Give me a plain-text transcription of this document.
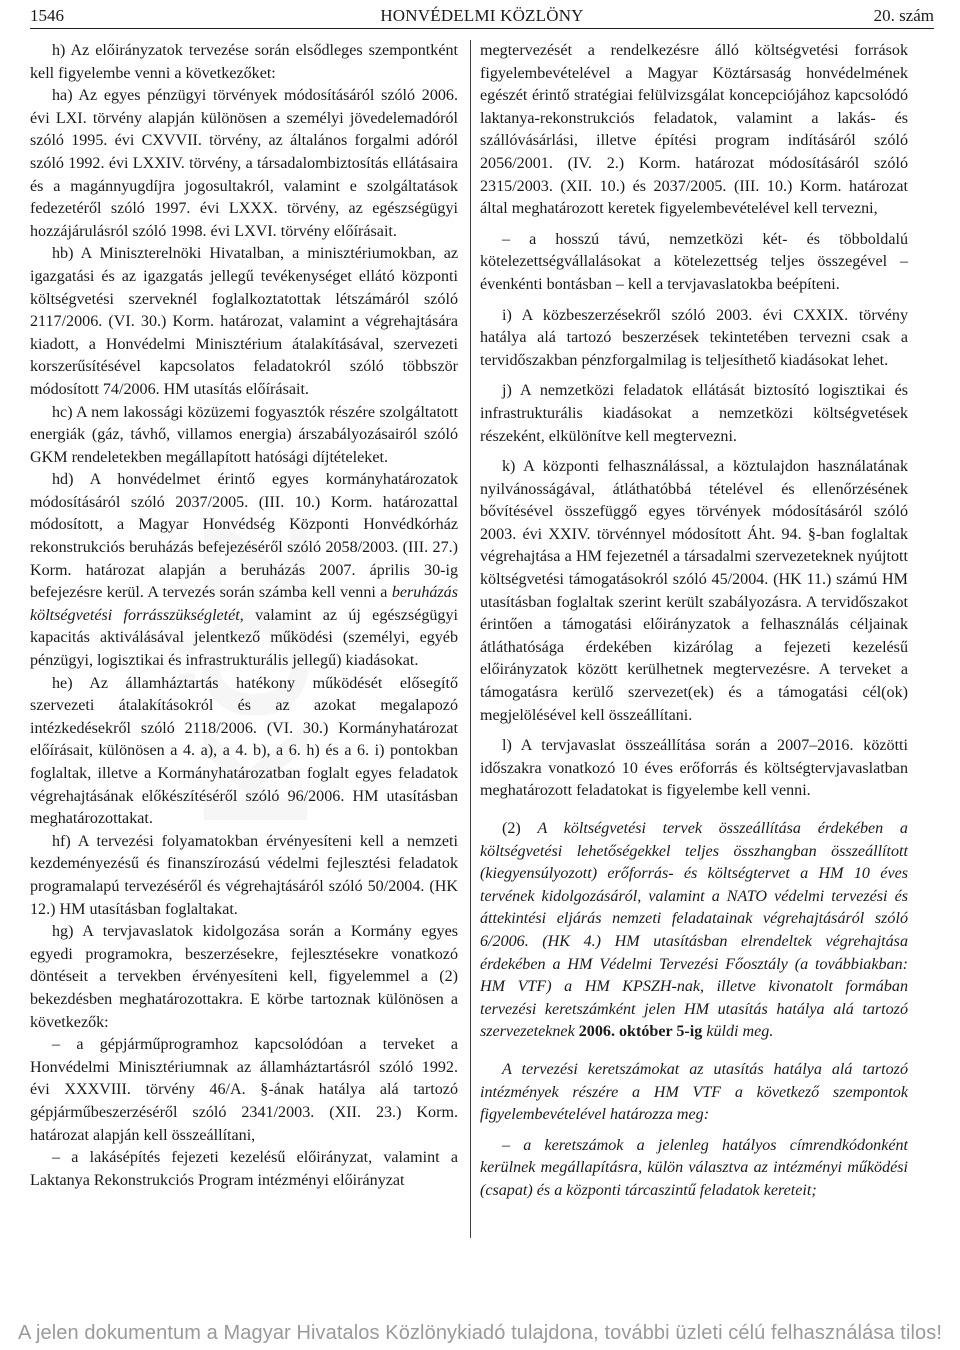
1546	HONVÉDELMI KÖZLÖNY	20. szám

h) Az előirányzatok tervezése során elsődleges szempontként kell figyelembe venni a következőket:

ha) Az egyes pénzügyi törvények módosításáról szóló 2006. évi LXI. törvény alapján különösen a személyi jövedelemadóról szóló 1995. évi CXVVII. törvény, az általános forgalmi adóról szóló 1992. évi LXXIV. törvény, a társadalombiztosítás ellátásaira és a magánnyugdíjra jogosultakról, valamint e szolgáltatások fedezetéről szóló 1997. évi LXXX. törvény, az egészségügyi hozzájárulásról szóló 1998. évi LXVI. törvény előírásait.

hb) A Miniszterelnöki Hivatalban, a minisztériumokban, az igazgatási és az igazgatás jellegű tevékenységet ellátó központi költségvetési szerveknél foglalkoztatottak létszámáról szóló 2117/2006. (VI. 30.) Korm. határozat, valamint a végrehajtására kiadott, a Honvédelmi Minisztérium átalakításával, szervezeti korszerűsítésével kapcsolatos feladatokról szóló többször módosított 74/2006. HM utasítás előírásait.

hc) A nem lakossági közüzemi fogyasztók részére szolgáltatott energiák (gáz, távhő, villamos energia) árszabályozásairól szóló GKM rendeletekben megállapított hatósági díjtételeket.

hd) A honvédelmet érintő egyes kormányhatározatok módosításáról szóló 2037/2005. (III. 10.) Korm. határozattal módosított, a Magyar Honvédség Központi Honvédkórház rekonstrukciós beruházás befejezéséről szóló 2058/2003. (III. 27.) Korm. határozat alapján a beruházás 2007. április 30-ig befejezésre kerül. A tervezés során számba kell venni a beruházás költségvetési forrásszükségletét, valamint az új egészségügyi kapacitás aktiválásával jelentkező működési (személyi, egyéb pénzügyi, logisztikai és infrastrukturális jellegű) kiadásokat.

he) Az államháztartás hatékony működését elősegítő szervezeti átalakításokról és az azokat megalapozó intézkedésekről szóló 2118/2006. (VI. 30.) Kormányhatározat előírásait, különösen a 4. a), a 4. b), a 6. h) és a 6. i) pontokban foglaltak, illetve a Kormányhatározatban foglalt egyes feladatok végrehajtásának előkészítéséről szóló 96/2006. HM utasításban meghatározottakat.

hf) A tervezési folyamatokban érvényesíteni kell a nemzeti kezdeményezésű és finanszírozású védelmi fejlesztési feladatok programalapú tervezéséről és végrehajtásáról szóló 50/2004. (HK 12.) HM utasításban foglaltakat.

hg) A tervjavaslatok kidolgozása során a Kormány egyes egyedi programokra, beszerzésekre, fejlesztésekre vonatkozó döntéseit a tervekben érvényesíteni kell, figyelemmel a (2) bekezdésben meghatározottakra. E körbe tartoznak különösen a következők:

– a gépjárműprogramhoz kapcsolódóan a terveket a Honvédelmi Minisztériumnak az államháztartásról szóló 1992. évi XXXVIII. törvény 46/A. §-ának hatálya alá tartozó gépjárműbeszerzéséről szóló 2341/2003. (XII. 23.) Korm. határozat alapján kell összeállítani,

– a lakásépítés fejezeti kezelésű előirányzat, valamint a Laktanya Rekonstrukciós Program intézményi előirányzat

megtervezését a rendelkezésre álló költségvetési források figyelembevételével a Magyar Köztársaság honvédelmének egészét érintő stratégiai felülvizsgálat koncepciójához kapcsolódó laktanya-rekonstrukciós feladatok, valamint a lakás- és szállóvásárlási, illetve építési program indításáról szóló 2056/2001. (IV. 2.) Korm. határozat módosításáról szóló 2315/2003. (XII. 10.) és 2037/2005. (III. 10.) Korm. határozat által meghatározott keretek figyelembevételével kell tervezni,

– a hosszú távú, nemzetközi két- és többoldalú kötelezettségvállalásokat a kötelezettség teljes összegével – évenkénti bontásban – kell a tervjavaslatokba beépíteni.

i) A közbeszerzésekről szóló 2003. évi CXXIX. törvény hatálya alá tartozó beszerzések tekintetében tervezni csak a tervidőszakban pénzforgalmilag is teljesíthető kiadásokat lehet.

j) A nemzetközi feladatok ellátását biztosító logisztikai és infrastrukturális kiadásokat a nemzetközi költségvetések részeként, elkülönítve kell megtervezni.

k) A központi felhasználással, a köztulajdon használatának nyilvánosságával, átláthatóbbá tételével és ellenőrzésének bővítésével összefüggő egyes törvények módosításáról szóló 2003. évi XXIV. törvénnyel módosított Áht. 94. §-ban foglaltak végrehajtása a HM fejezetnél a társadalmi szervezeteknek nyújtott költségvetési támogatásokról szóló 45/2004. (HK 11.) számú HM utasításban foglaltak szerint került szabályozásra. A tervidőszakot érintően a támogatási előirányzatok a felhasználás céljainak átláthatósága érdekében kizárólag a fejezeti kezelésű előirányzatok között kerülhetnek megtervezésre. A terveket a támogatásra kerülő szervezet(ek) és a támogatási cél(ok) megjelölésével kell összeállítani.

l) A tervjavaslat összeállítása során a 2007–2016. közötti időszakra vonatkozó 10 éves erőforrás és költségtervjavaslatban meghatározott feladatokat is figyelembe kell venni.

(2) A költségvetési tervek összeállítása érdekében a költségvetési lehetőségekkel teljes összhangban összeállított (kiegyensúlyozott) erőforrás- és költségtervet a HM 10 éves tervének kidolgozásáról, valamint a NATO védelmi tervezési és áttekintési eljárás nemzeti feladatainak végrehajtásáról szóló 6/2006. (HK 4.) HM utasításban elrendeltek végrehajtása érdekében a HM Védelmi Tervezési Főosztály (a továbbiakban: HM VTF) a HM KPSZH-nak, illetve kivonatolt formában tervezési keretszámként jelen HM utasítás hatálya alá tartozó szervezeteknek 2006. október 5-ig küldi meg.

A tervezési keretszámokat az utasítás hatálya alá tartozó intézmények részére a HM VTF a következő szempontok figyelembevételével határozza meg:

– a keretszámok a jelenleg hatályos címrendkódonként kerülnek megállapításra, külön választva az intézményi működési (csapat) és a központi tárcaszintű feladatok kereteit;

A jelen dokumentum a Magyar Hivatalos Közlönykiadó tulajdona, további üzleti célú felhasználása tilos!
